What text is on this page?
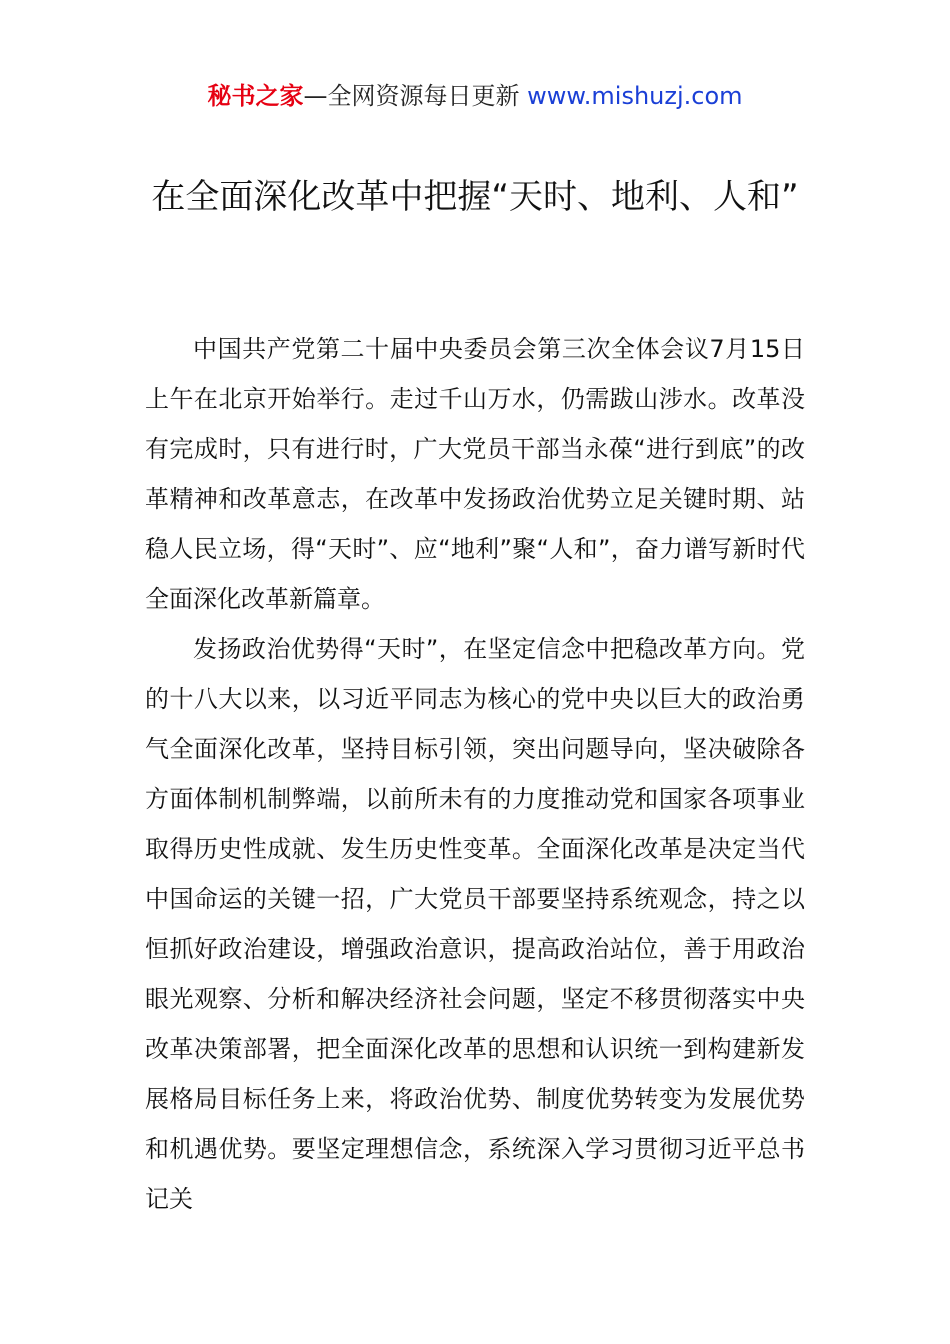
秘书之家—全网资源每日更新 www.mishuzj.com
在全面深化改革中把握“天时、地利、人和”

中国共产党第二十届中央委员会第三次全体会议7月15日上午在北京开始举行。走过千山万水，仍需跋山涉水。改革没有完成时，只有进行时，广大党员干部当永葆“进行到底”的改革精神和改革意志，在改革中发扬政治优势立足关键时期、站稳人民立场，得“天时”、应“地利”聚“人和”，奋力谱写新时代全面深化改革新篇章。

发扬政治优势得“天时”，在坚定信念中把稳改革方向。党的十八大以来，以习近平同志为核心的党中央以巨大的政治勇气全面深化改革，坚持目标引领，突出问题导向，坚决破除各方面体制机制弊端，以前所未有的力度推动党和国家各项事业取得历史性成就、发生历史性变革。全面深化改革是决定当代中国命运的关键一招，广大党员干部要坚持系统观念，持之以恒抓好政治建设，增强政治意识，提高政治站位，善于用政治眼光观察、分析和解决经济社会问题，坚定不移贯彻落实中央改革决策部署，把全面深化改革的思想和认识统一到构建新发展格局目标任务上来，将政治优势、制度优势转变为发展优势和机遇优势。要坚定理想信念，系统深入学习贯彻习近平总书记关
